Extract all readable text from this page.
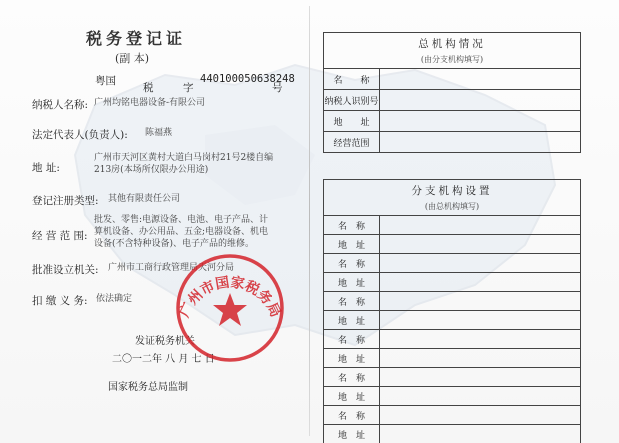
税务登记证
(副 本)
粤国
税	字
440100050638248
号
纳税人名称: 广州均铭电器设备-有限公司
法定代表人(负责人): 陈福燕
地 址:
广州市天河区黄村大道白马岗村21号2楼自编213房(本场所仅限办公用途)
登记注册类型: 其他有限责任公司
经 营 范 围:
批发、零售:电源设备、电池、电子产品、计算机设备、办公用品、五金;电器设备、机电设备(不含特种设备)、电子产品的维修。
批准设立机关: 广州市工商行政管理局天河分局
扣 缴 义 务: 依法确定
发证税务机关
二〇一二年 八 月 七 日
国家税务总局监制
广州市国家税务局
总机构情况
(由分支机构填写)	

名　　称	
纳税人识别号	
地　　址	
经营范围	

分支机构设置
(由总机构填写)	

名　称	
地　址	
名　称	
地　址	
名　称	
地　址	
名　称	
地　址	
名　称	
地　址	
名　称	
地　址	
